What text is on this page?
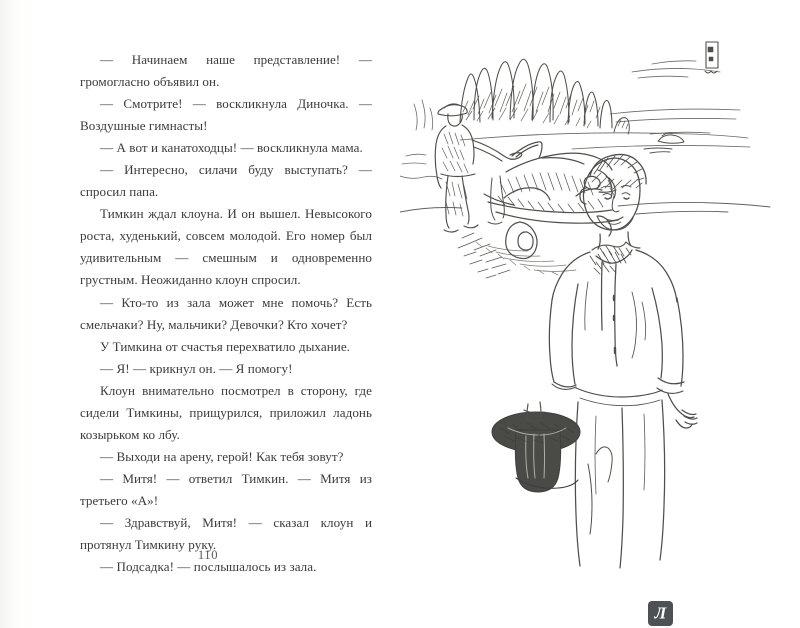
— Начинаем наше представление! — громогласно объявил он.

— Смотрите! — воскликнула Диночка. — Воздушные гимнасты!

— А вот и канатоходцы! — воскликнула мама.

— Интересно, силачи буду выступать? — спросил папа.

Тимкин ждал клоуна. И он вышел. Невысокого роста, худенький, совсем молодой. Его номер был удивительным — смешным и одновременно грустным. Неожиданно клоун спросил.

— Кто-то из зала может мне помочь? Есть смельчаки? Ну, мальчики? Девочки? Кто хочет?

У Тимкина от счастья перехватило дыхание.

— Я! — крикнул он. — Я помогу!

Клоун внимательно посмотрел в сторону, где сидели Тимкины, прищурился, приложил ладонь козырьком ко лбу.

— Выходи на арену, герой! Как тебя зовут?

— Митя! — ответил Тимкин. — Митя из третьего «А»!

— Здравствуй, Митя! — сказал клоун и протянул Тимкину руку.

— Подсадка! — послышалось из зала.

110
Л
